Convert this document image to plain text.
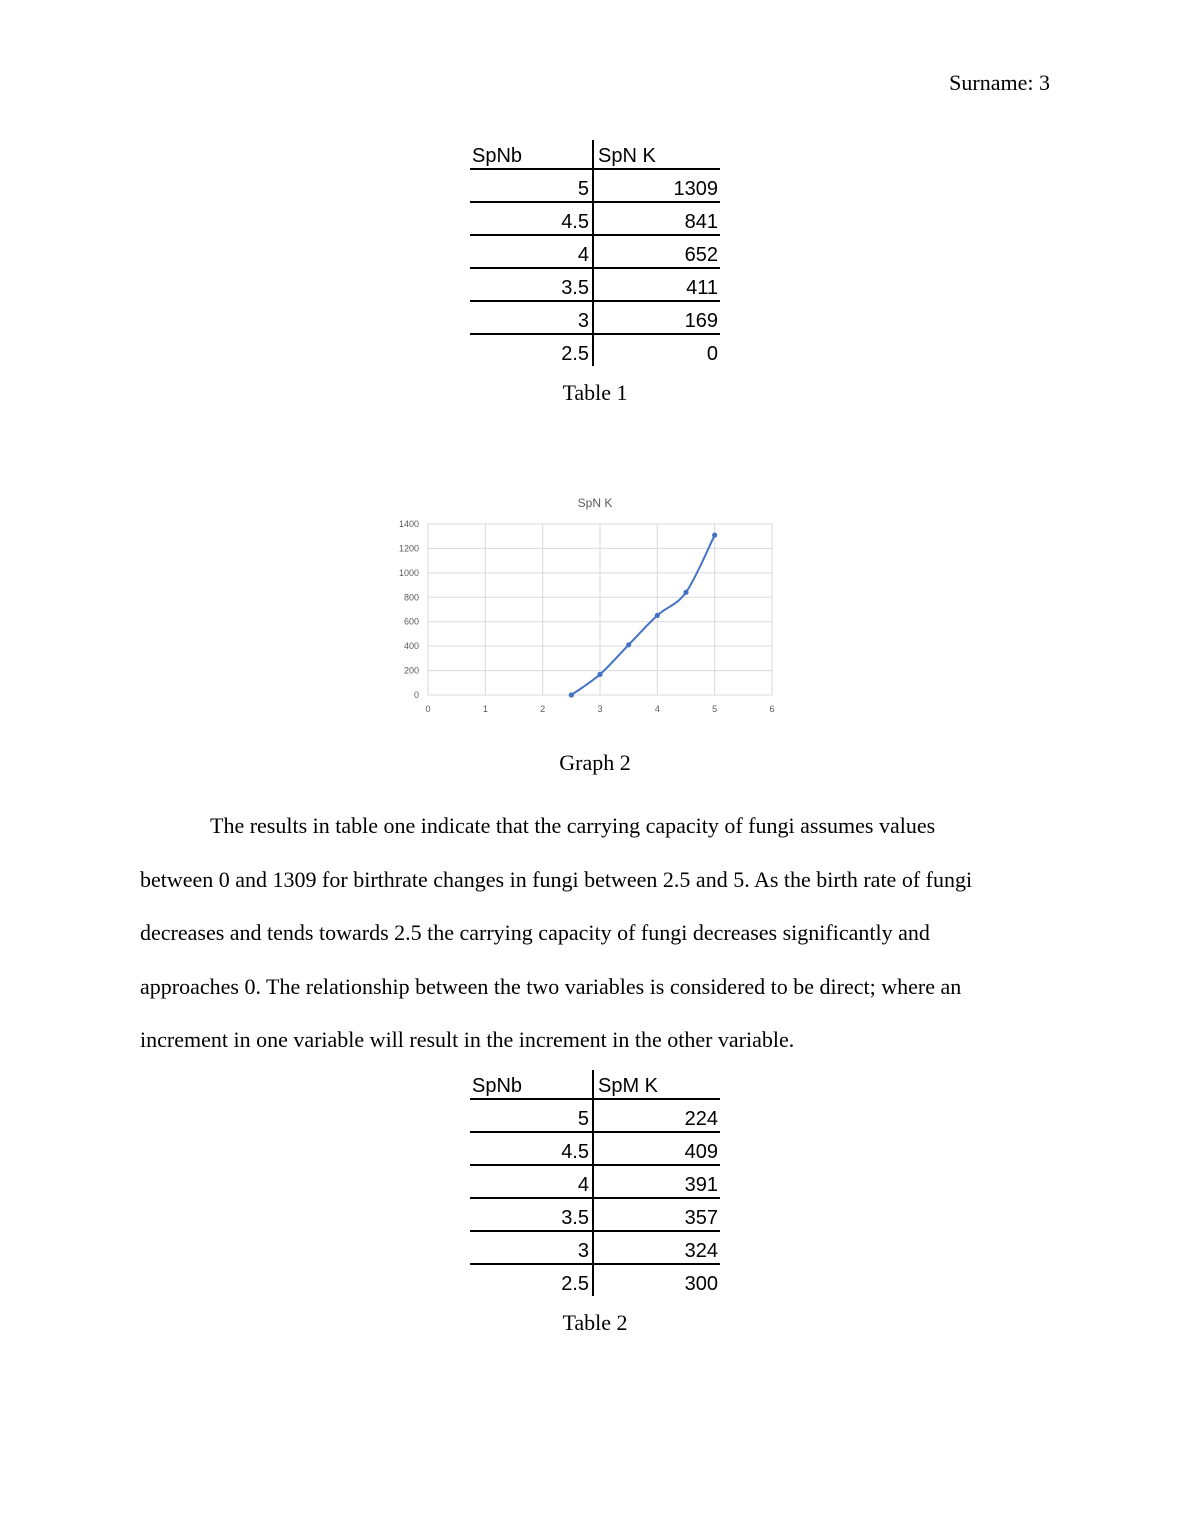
Surname: 3
SpNb	SpN K
5	1309
4.5	841
4	652
3.5	411
3	169
2.5	0
Table 1
SpN K
0
200
400
600
800
1000
1200
1400
0	1	2	3	4	5	6
Graph 2
The results in table one indicate that the carrying capacity of fungi assumes values
between 0 and 1309 for birthrate changes in fungi between 2.5 and 5. As the birth rate of fungi
decreases and tends towards 2.5 the carrying capacity of fungi decreases significantly and
approaches 0. The relationship between the two variables is considered to be direct; where an
increment in one variable will result in the increment in the other variable.
SpNb	SpM K
5	224
4.5	409
4	391
3.5	357
3	324
2.5	300
Table 2
